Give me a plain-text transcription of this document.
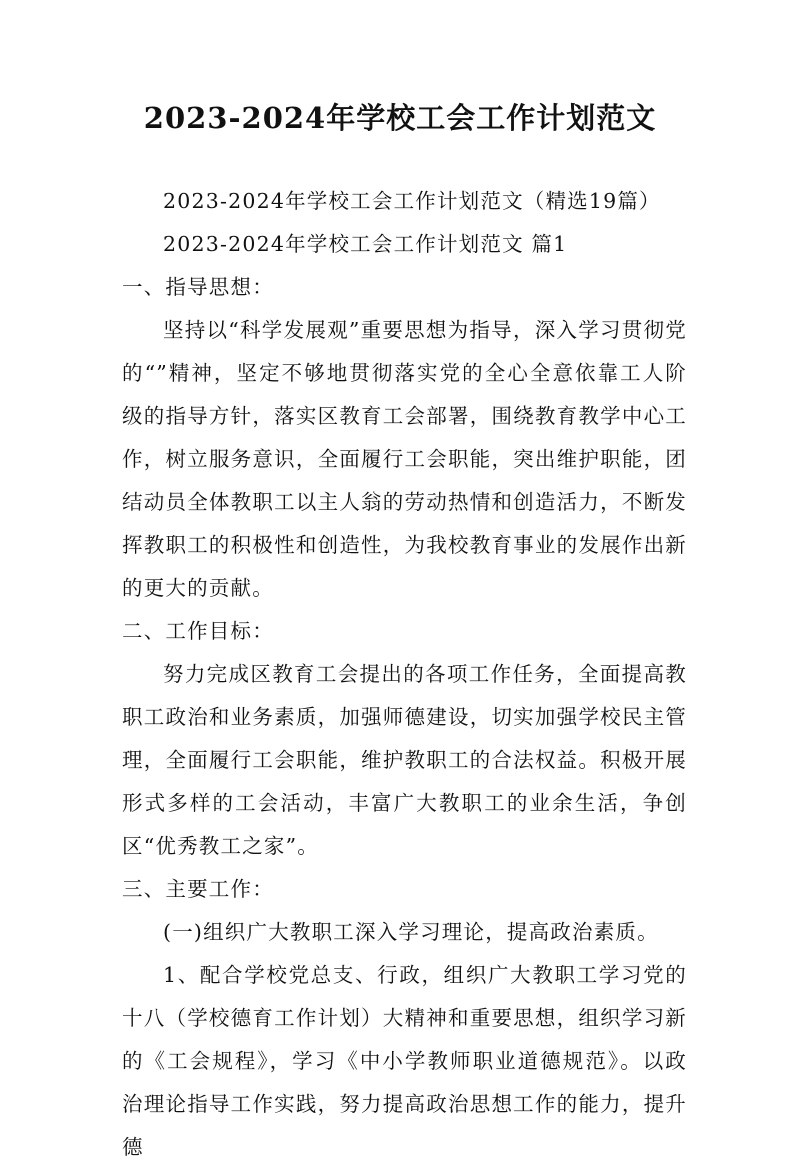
2023-2024年学校工会工作计划范文

2023-2024年学校工会工作计划范文（精选19篇）

2023-2024年学校工会工作计划范文 篇1

一、指导思想：

坚持以“科学发展观”重要思想为指导，深入学习贯彻党的“”精神，坚定不够地贯彻落实党的全心全意依靠工人阶级的指导方针，落实区教育工会部署，围绕教育教学中心工作，树立服务意识，全面履行工会职能，突出维护职能，团结动员全体教职工以主人翁的劳动热情和创造活力，不断发挥教职工的积极性和创造性，为我校教育事业的发展作出新的更大的贡献。

二、工作目标：

努力完成区教育工会提出的各项工作任务，全面提高教职工政治和业务素质，加强师德建设，切实加强学校民主管理，全面履行工会职能，维护教职工的合法权益。积极开展形式多样的工会活动，丰富广大教职工的业余生活，争创区“优秀教工之家”。

三、主要工作：

(一)组织广大教职工深入学习理论，提高政治素质。

1、配合学校党总支、行政，组织广大教职工学习党的十八（学校德育工作计划）大精神和重要思想，组织学习新的《工会规程》，学习《中小学教师职业道德规范》。以政治理论指导工作实践，努力提高政治思想工作的能力，提升德
